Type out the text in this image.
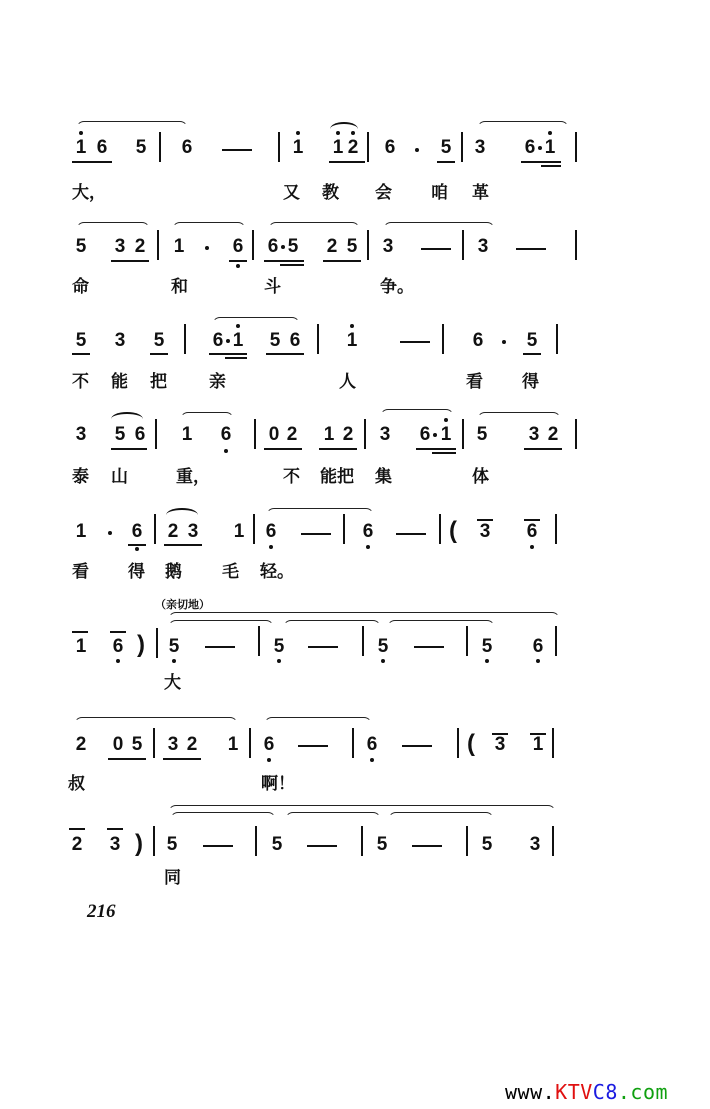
1 6 5 6	1 1 2 6 5 3 6 1
大，	又 教 会 咱 革
5 3 2 1	6 6 5 2 5 3	3
命	和	斗	争。
5 3 5	6 1 5 6 1	6 5
不 能 把 亲	人	看 得
3 5 6 1 6 0 2 1 2 3 6 1 5 3 2
泰 山	重，	不 能把 集	体
1 6 2 3 1 6	6	( 3 6
看 得 鹅 毛 轻。
（亲切地）
1 6 ) 5	5	5	5 6
大
2 0 5 3 2 1 6	6	( 3 1
叔	啊！
2 3 ) 5	5	5	5 3
同
216
www.KTVC8.com
